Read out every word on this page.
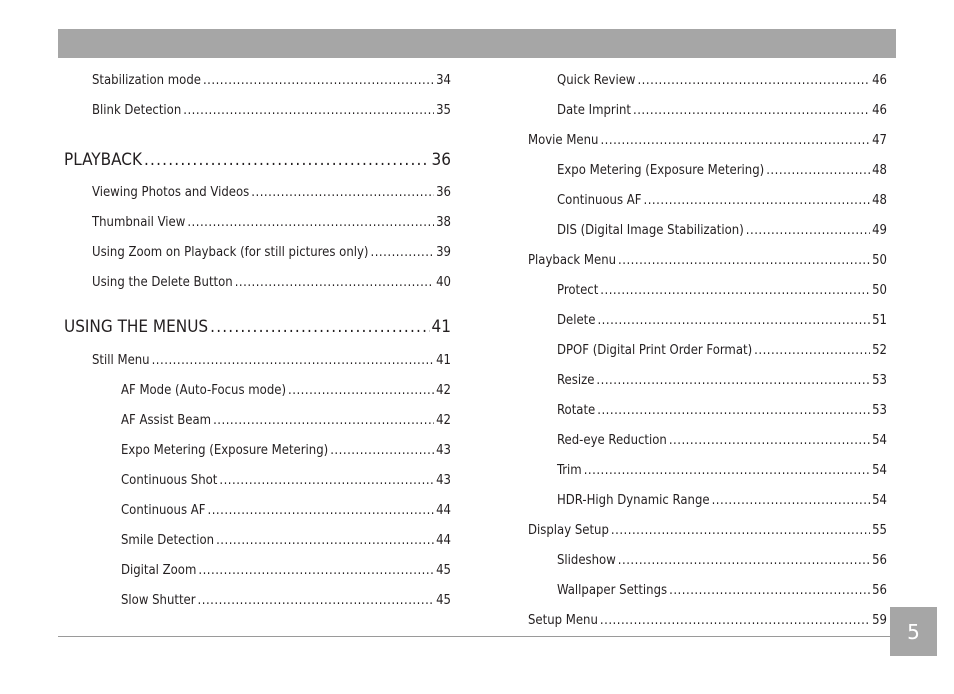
Stabilization mode .....	34
Blink Detection .....	35
PLAYBACK .....	36
Viewing Photos and Videos .....	36
Thumbnail View .....	38
Using Zoom on Playback (for still pictures only) .....	39
Using the Delete Button .....	40
USING THE MENUS .....	41
Still Menu .....	41
AF Mode (Auto-Focus mode) .....	42
AF Assist Beam .....	42
Expo Metering (Exposure Metering) .....	43
Continuous Shot .....	43
Continuous AF .....	44
Smile Detection .....	44
Digital Zoom .....	45
Slow Shutter .....	45
Quick Review .....	46
Date Imprint .....	46
Movie Menu .....	47
Expo Metering (Exposure Metering) .....	48
Continuous AF .....	48
DIS (Digital Image Stabilization) .....	49
Playback Menu .....	50
Protect .....	50
Delete .....	51
DPOF (Digital Print Order Format) .....	52
Resize .....	53
Rotate .....	53
Red-eye Reduction .....	54
Trim .....	54
HDR-High Dynamic Range .....	54
Display Setup .....	55
Slideshow .....	56
Wallpaper Settings .....	56
Setup Menu .....	59	5
